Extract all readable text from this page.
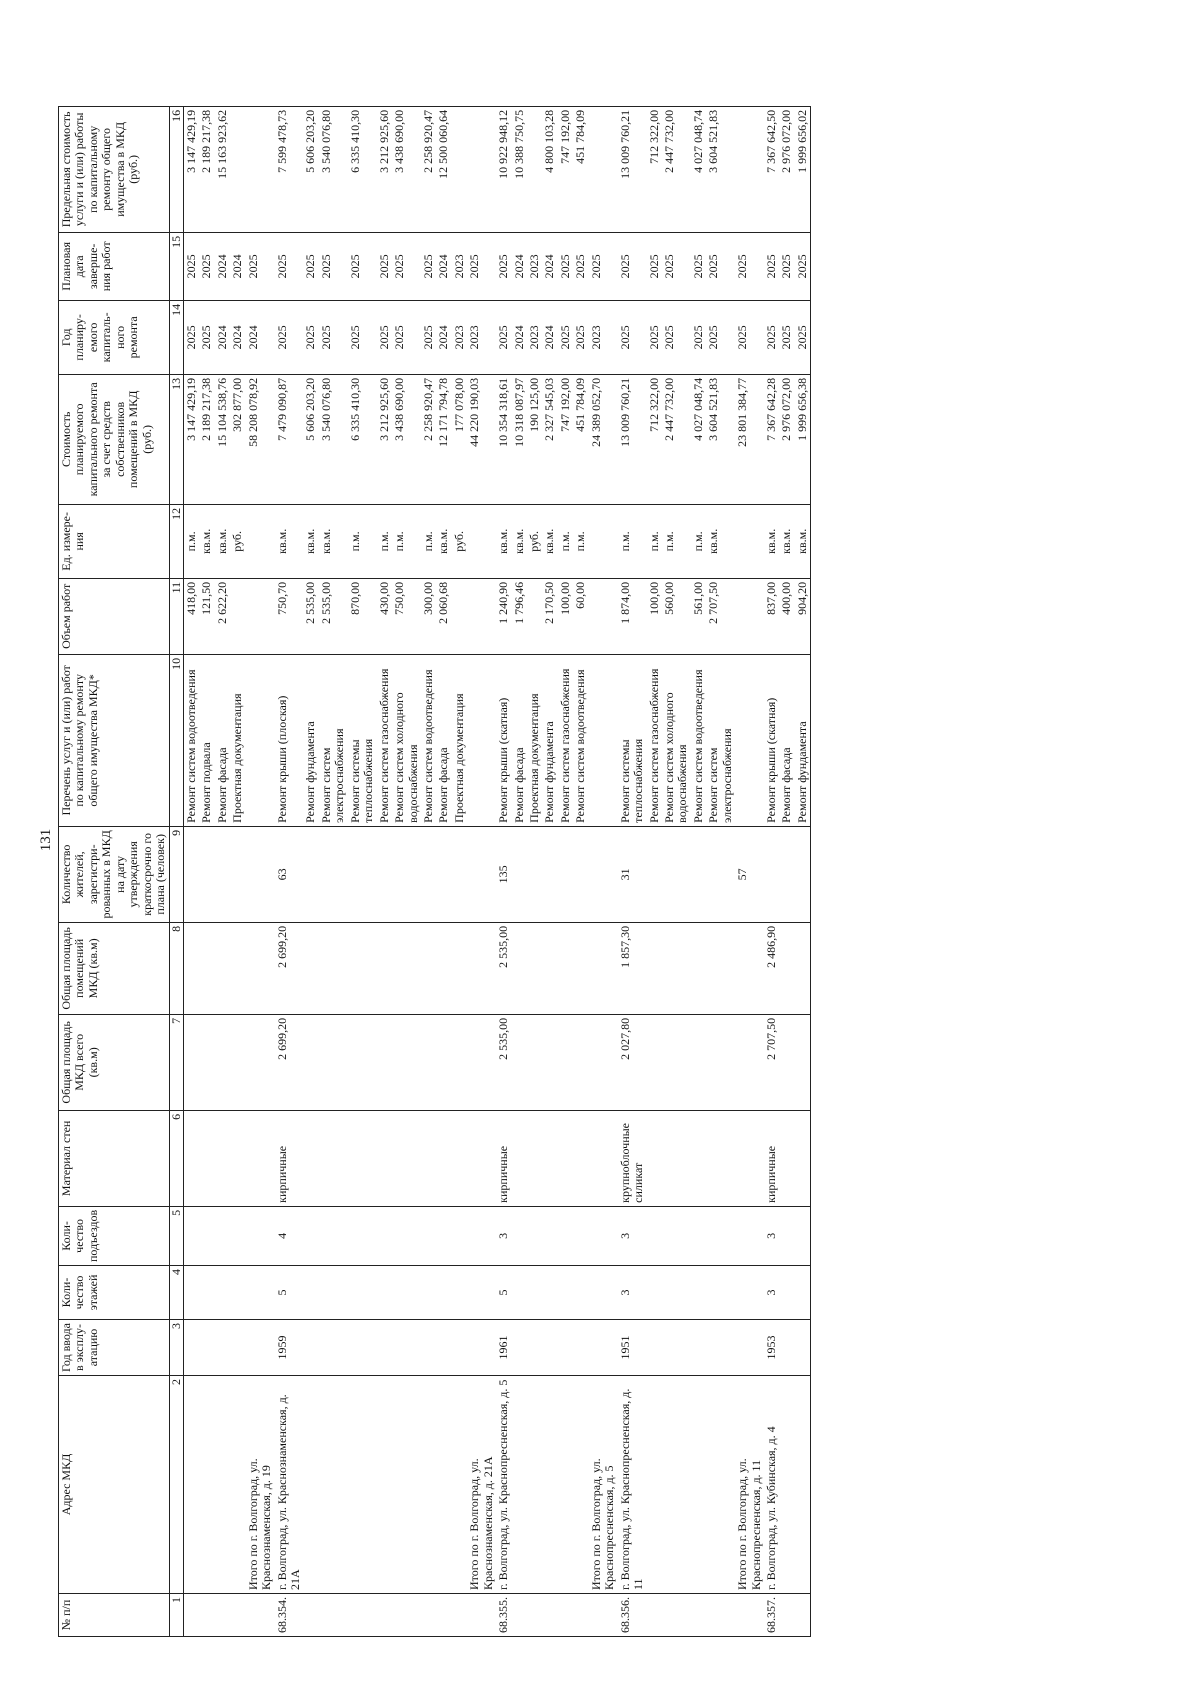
131
№ п/п	Адрес МКД	Год ввода в эксплу-атацию	Коли-чество этажей	Коли-чество подъездов	Материал стен	Общая площадь МКД всего (кв.м)	Общая площадь помещений МКД (кв.м)	Количество жителей, зарегистри-рованных в МКД на дату утверждения краткосрочно го плана (человек)	Перечень услуг и (или) работ по капитальному ремонту общего имущества МКД*	Объем работ	Ед. измере-ния	Стоимость планируемого капитального ремонта за счет средств собственников помещений в МКД (руб.)	Год планиру-емого капиталь-ного ремонта	Плановая дата заверше-ния работ	Предельная стоимость услуги и (или) работы по капитальному ремонту общего имущества в МКД (руб.)
1	2	3	4	5	6	7	8	9	10	11	12	13	14	15	16
									Ремонт систем водоотведения	418,00	п.м.	3 147 429,19	2025	2025	3 147 429,19
									Ремонт подвала	121,50	кв.м.	2 189 217,38	2025	2025	2 189 217,38
									Ремонт фасада	2 622,20	кв.м.	15 104 538,76	2024	2024	15 163 923,62
									Проектная документация		руб.	302 877,00	2024	2024	
	Итого по г. Волгоград, ул. Краснознаменская, д. 19											58 208 078,92	2024	2025	
68.354.	г. Волгоград, ул. Краснознаменская, д. 21А	1959	5	4	кирпичные	2 699,20	2 699,20	63	Ремонт крыши (плоская)	750,70	кв.м.	7 479 090,87	2025	2025	7 599 478,73
									Ремонт фундамента	2 535,00	кв.м.	5 606 203,20	2025	2025	5 606 203,20
									Ремонт систем электроснабжения	2 535,00	кв.м.	3 540 076,80	2025	2025	3 540 076,80
									Ремонт системы теплоснабжения	870,00	п.м.	6 335 410,30	2025	2025	6 335 410,30
									Ремонт систем газоснабжения	430,00	п.м.	3 212 925,60	2025	2025	3 212 925,60
									Ремонт систем холодного водоснабжения	750,00	п.м.	3 438 690,00	2025	2025	3 438 690,00
									Ремонт систем водоотведения	300,00	п.м.	2 258 920,47	2025	2025	2 258 920,47
									Ремонт фасада	2 060,68	кв.м.	12 171 794,78	2024	2024	12 500 060,64
									Проектная документация		руб.	177 078,00	2023	2023	
	Итого по г. Волгоград, ул. Краснознаменская, д. 21А											44 220 190,03	2023	2025	
68.355.	г. Волгоград, ул. Краснопресненская, д. 5	1961	5	3	кирпичные	2 535,00	2 535,00	135	Ремонт крыши (скатная)	1 240,90	кв.м.	10 354 318,61	2025	2025	10 922 948,12
									Ремонт фасада	1 796,46	кв.м.	10 318 087,97	2024	2024	10 388 750,75
									Проектная документация		руб.	190 125,00	2023	2023	
									Ремонт фундамента	2 170,50	кв.м.	2 327 545,03	2024	2024	4 800 103,28
									Ремонт систем газоснабжения	100,00	п.м.	747 192,00	2025	2025	747 192,00
									Ремонт систем водоотведения	60,00	п.м.	451 784,09	2025	2025	451 784,09
	Итого по г. Волгоград, ул. Краснопресненская, д. 5											24 389 052,70	2023	2025	
68.356.	г. Волгоград, ул. Краснопресненская, д. 11	1951	3	3	крупноблочные силикат	2 027,80	1 857,30	31	Ремонт системы теплоснабжения	1 874,00	п.м.	13 009 760,21	2025	2025	13 009 760,21
									Ремонт систем газоснабжения	100,00	п.м.	712 322,00	2025	2025	712 322,00
									Ремонт систем холодного водоснабжения	560,00	п.м.	2 447 732,00	2025	2025	2 447 732,00
									Ремонт систем водоотведения	561,00	п.м.	4 027 048,74	2025	2025	4 027 048,74
									Ремонт систем электроснабжения	2 707,50	кв.м.	3 604 521,83	2025	2025	3 604 521,83
	Итого по г. Волгоград, ул. Краснопресненская, д. 11							57				23 801 384,77	2025	2025	
68.357.	г. Волгоград, ул. Кубинская, д. 4	1953	3	3	кирпичные	2 707,50	2 486,90		Ремонт крыши (скатная)	837,00	кв.м.	7 367 642,28	2025	2025	7 367 642,50
									Ремонт фасада	400,00	кв.м.	2 976 072,00	2025	2025	2 976 072,00
									Ремонт фундамента	904,20	кв.м.	1 999 656,38	2025	2025	1 999 656,02
